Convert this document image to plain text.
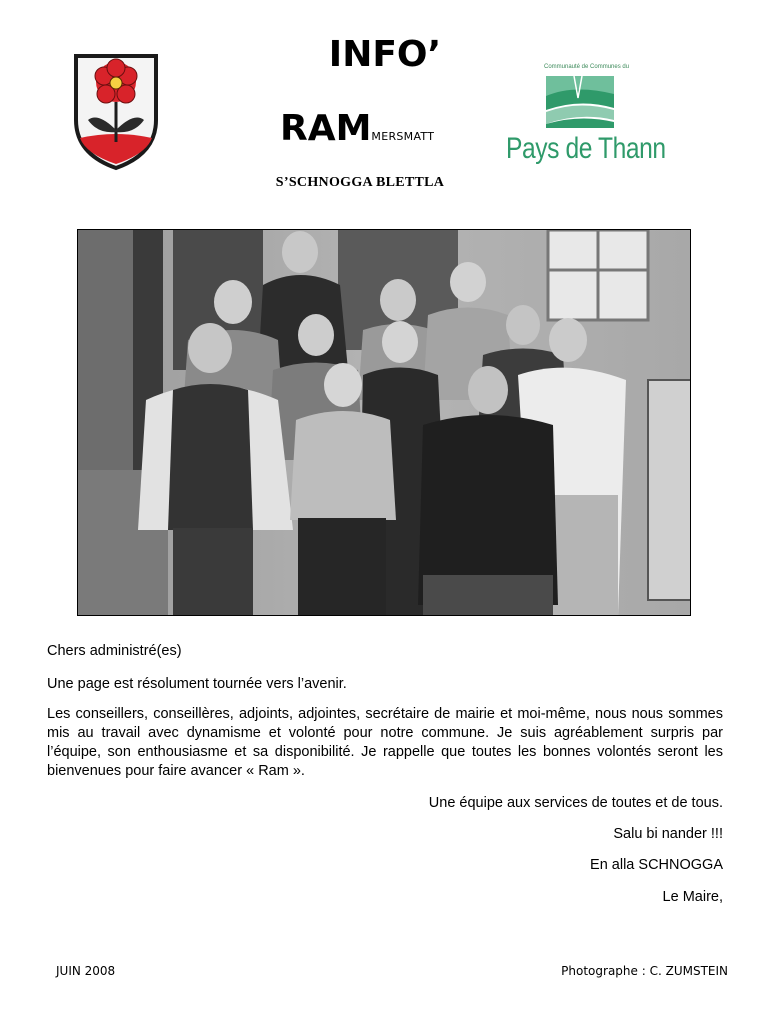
INFO’
RAMMERSMATT
S’SCHNOGGA BLETTLA
Communauté de Communes du
Pays de Thann
Chers administré(es)
Une page est résolument tournée vers l’avenir.
Les conseillers, conseillères, adjoints, adjointes, secrétaire de mairie et moi-même, nous nous sommes mis au travail avec dynamisme et volonté pour notre commune. Je suis agréablement surpris par l’équipe, son enthousiasme et sa disponibilité. Je rappelle que toutes les bonnes volontés seront les bienvenues pour faire avancer « Ram ».
Une équipe aux services de toutes et de tous.
Salu bi nander !!!
En alla SCHNOGGA
Le Maire,
JUIN 2008	Photographe : C. ZUMSTEIN
